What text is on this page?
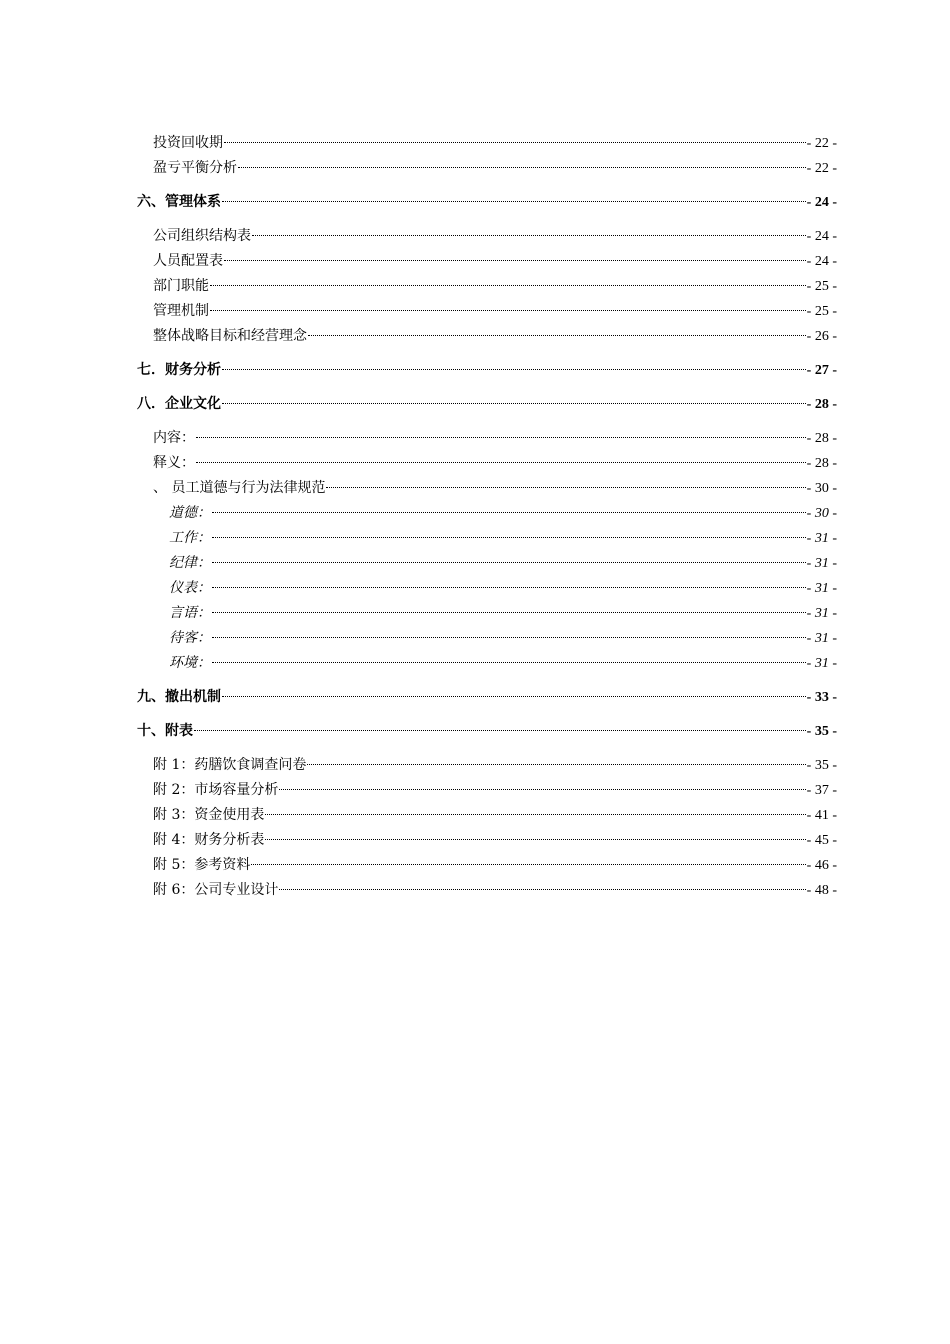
投资回收期	- 22 -
盈亏平衡分析	- 22 -
六、管理体系	- 24 -
公司组织结构表	- 24 -
人员配置表	- 24 -
部门职能	- 25 -
管理机制	- 25 -
整体战略目标和经营理念	- 26 -
七．财务分析	- 27 -
八．企业文化	- 28 -
内容：	- 28 -
释义：	- 28 -
、 员工道德与行为法律规范	- 30 -
道德：	- 30 -
工作：	- 31 -
纪律：	- 31 -
仪表：	- 31 -
言语：	- 31 -
待客：	- 31 -
环境：	- 31 -
九、撤出机制	- 33 -
十、附表	- 35 -
附 1：药膳饮食调查问卷	- 35 -
附 2：市场容量分析	- 37 -
附 3：资金使用表	- 41 -
附 4：财务分析表	- 45 -
附 5：参考资料	- 46 -
附 6：公司专业设计	- 48 -
